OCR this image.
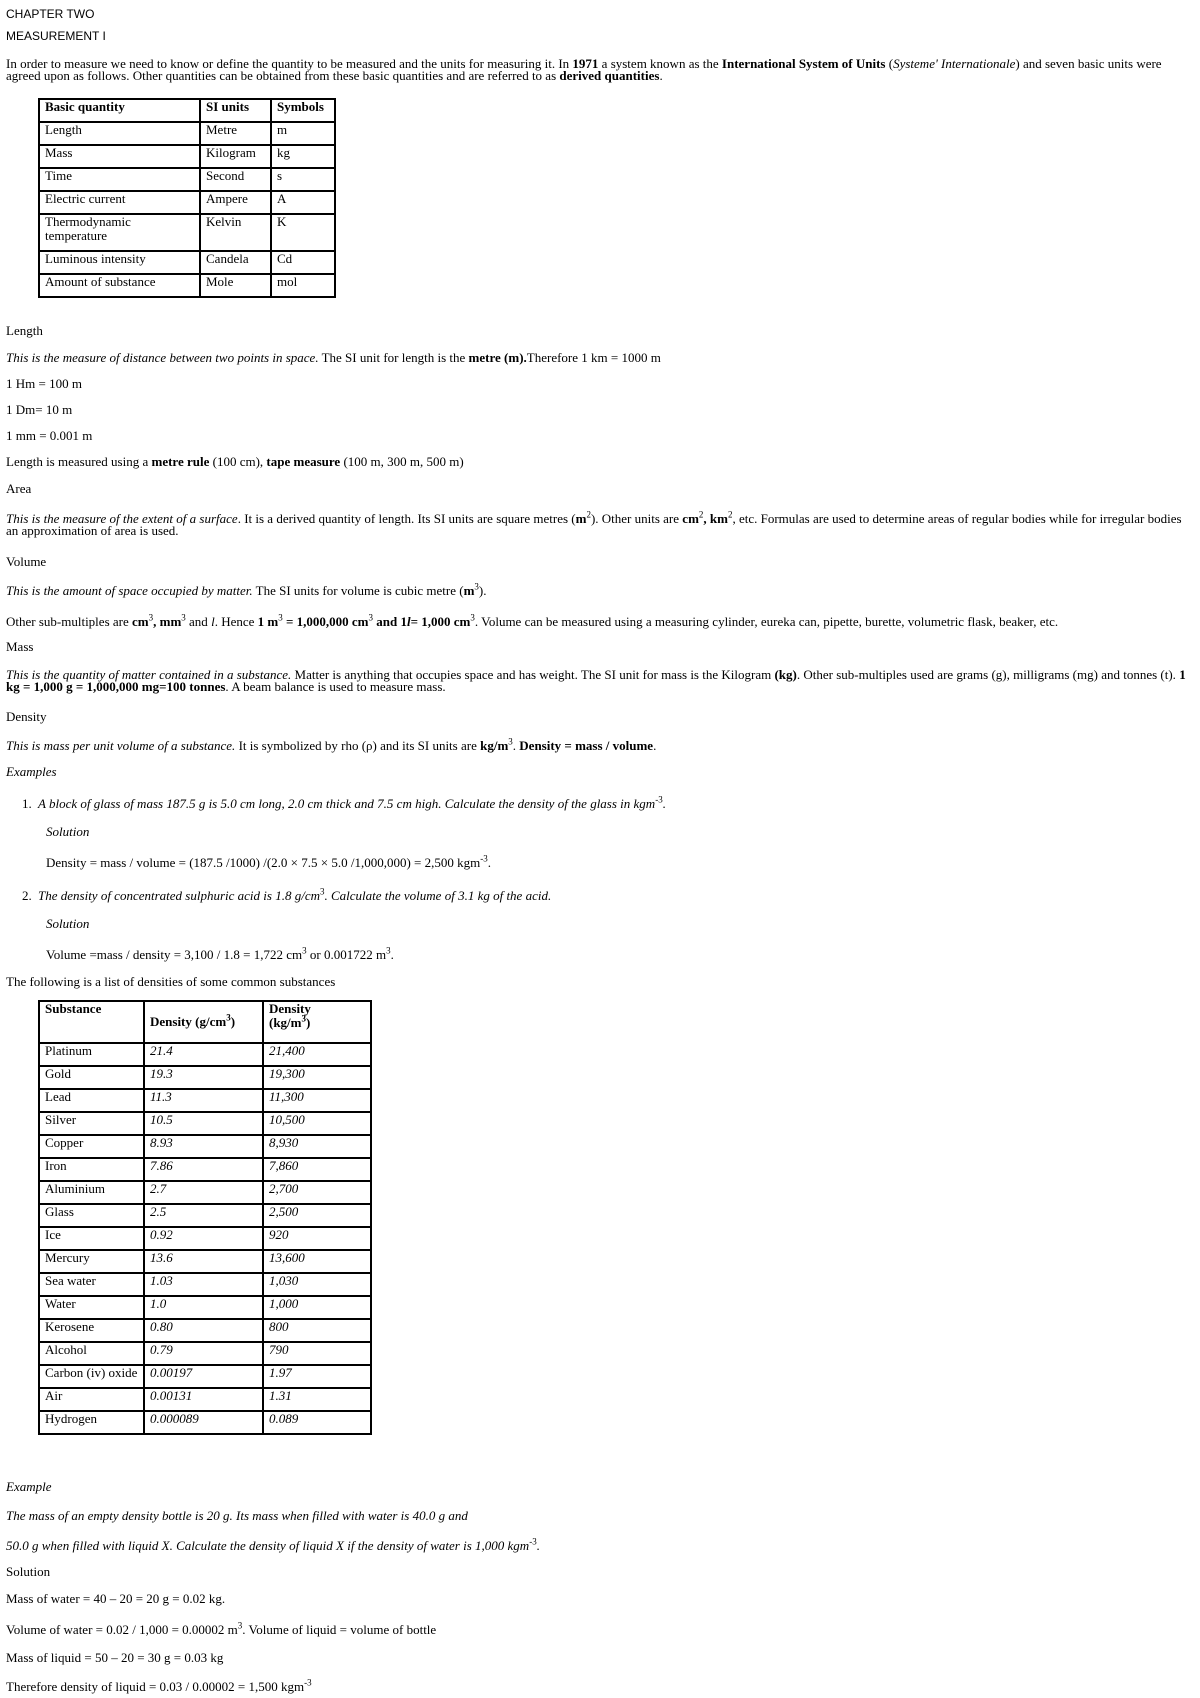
CHAPTER TWO
MEASUREMENT I
In order to measure we need to know or define the quantity to be measured and the units for measuring it. In 1971 a system known as the International System of Units (Systeme' Internationale) and seven basic units were agreed upon as follows. Other quantities can be obtained from these basic quantities and are referred to as derived quantities.
Basic quantity	SI units	Symbols
Length	Metre	m
Mass	Kilogram	kg
Time	Second	s
Electric current	Ampere	A
Thermodynamic temperature	Kelvin	K
Luminous intensity	Candela	Cd
Amount of substance	Mole	mol
Length
This is the measure of distance between two points in space. The SI unit for length is the metre (m).Therefore 1 km = 1000 m
1 Hm = 100 m
1 Dm= 10 m
1 mm = 0.001 m
Length is measured using a metre rule (100 cm), tape measure (100 m, 300 m, 500 m)
Area
This is the measure of the extent of a surface. It is a derived quantity of length. Its SI units are square metres $(m^2)$. Other units are $cm^2$, $km^2$, etc. Formulas are used to determine areas of regular bodies while for irregular bodies an approximation of area is used.
Volume
This is the amount of space occupied by matter. The SI units for volume is cubic metre $(m^3)$.
Other sub-multiples are $cm^3$, $mm^3$ and l. Hence 1 $m^3 = 1,000,000$ $cm^3$ and 1l= 1,000 $cm^3$. Volume can be measured using a measuring cylinder, eureka can, pipette, burette, volumetric flask, beaker, etc.
Mass
This is the quantity of matter contained in a substance. Matter is anything that occupies space and has weight. The SI unit for mass is the Kilogram (kg). Other sub-multiples used are grams (g), milligrams (mg) and tonnes (t). 1 kg = 1,000 g = 1,000,000 mg=100 tonnes. A beam balance is used to measure mass.
Density
This is mass per unit volume of a substance. It is symbolized by rho (ρ) and its SI units are $kg/m^3$. Density = mass / volume.
Examples
1. A block of glass of mass 187.5 g is 5.0 cm long, 2.0 cm thick and 7.5 cm high. Calculate the density of the glass in kgm$^{-3}$.
Solution
Density = mass / volume = (187.5 /1000) /(2.0 × 7.5 × 5.0 /1,000,000) = 2,500 kgm$^{-3}$.
2. The density of concentrated sulphuric acid is 1.8 $g/cm^3$. Calculate the volume of 3.1 kg of the acid.
Solution
Volume =mass / density = 3,100 / 1.8 = 1,722 $cm^3$ or 0.001722 $m^3$.
The following is a list of densities of some common substances
Substance	Density $(g/cm^3)$	Density
$(kg/m^3)$
Platinum	21.4	21,400
Gold	19.3	19,300
Lead	11.3	11,300
Silver	10.5	10,500
Copper	8.93	8,930
Iron	7.86	7,860
Aluminium	2.7	2,700
Glass	2.5	2,500
Ice	0.92	920
Mercury	13.6	13,600
Sea water	1.03	1,030
Water	1.0	1,000
Kerosene	0.80	800
Alcohol	0.79	790
Carbon (iv) oxide	0.00197	1.97
Air	0.00131	1.31
Hydrogen	0.000089	0.089
Example
The mass of an empty density bottle is 20 g. Its mass when filled with water is 40.0 g and
50.0 g when filled with liquid X. Calculate the density of liquid X if the density of water is 1,000 kgm$^{-3}$.
Solution
Mass of water = 40 – 20 = 20 g = 0.02 kg.
Volume of water = 0.02 / 1,000 = 0.00002 $m^3$. Volume of liquid = volume of bottle
Mass of liquid = 50 – 20 = 30 g = 0.03 kg
Therefore density of liquid = 0.03 / 0.00002 = 1,500 kgm$^{-3}$
